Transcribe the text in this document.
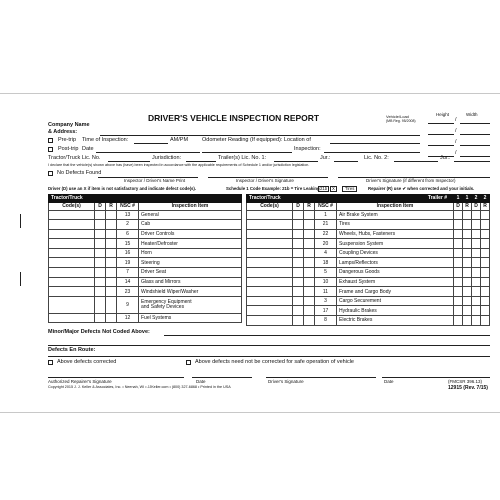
DRIVER'S VEHICLE INSPECTION REPORT
Company Name
& Address:
Vehicle/Load
(MB Reg. 95/2008)
Height	Width
/
/
/
/
Pre-trip Time of Inspection:	AM/PM	Odometer Reading (If equipped): Location of
Post-trip Date	Inspection:
Tractor/Truck Lic. No.	Jurisdiction:	Trailer(s) Lic. No. 1:	Jur.:	Lic. No. 2:	Jur.:
I declare that the vehicle(s) shown above has (have) been inspected in accordance with the applicable requirements of Schedule 1 and/or jurisdiction legislation.
No Defects Found
Inspector / Driver's Name Print	Inspector / Driver's Signature	Driver's Signature (if different from Inspector)
Driver (D) use an X if item is not satisfactory and indicate defect code(s).	Schedule 1 Code Example: 21b = Tire Leaking 21b	X	Tires	Repairer (R) use ✔ when corrected and your initials.
Tractor/Truck				
Code(s)	D	R	NSC #	Inspection Item
			13	General
			2	Cab
			6	Driver Controls
			15	Heater/Defroster
			16	Horn
			19	Steering
			7	Driver Seat
			14	Glass and Mirrors
			23	Windshield Wiper/Washer
			9	Emergency Equipment
and Safety Devices

			12	Fuel Systems
Tractor/Truck Trailer #					1	1	2	2
Code(s)	D	R	NSC #	Inspection Item	D	R	D	R
			1	Air Brake System				
			21	Tires				
			22	Wheels, Hubs, Fasteners				
			20	Suspension System				
			4	Coupling Devices				
			18	Lamps/Reflectors				
			5	Dangerous Goods				
			10	Exhaust System				
			11	Frame and Cargo Body				
			3	Cargo Securement				
			17	Hydraulic Brakes				
			8	Electric Brakes				
Minor/Major Defects Not Coded Above:
Defects En Route:
Above defects corrected	Above defects need not be corrected for safe operation of vehicle
Authorized Repairer's Signature	Date	Driver's Signature	Date	(FMCSR 396.13)
Copyright 2015 J. J. Keller & Associates, Inc. • Neenah, WI • JJKeller.com • (800) 327-6868 • Printed in the USA	12915 (Rev. 7/15)
